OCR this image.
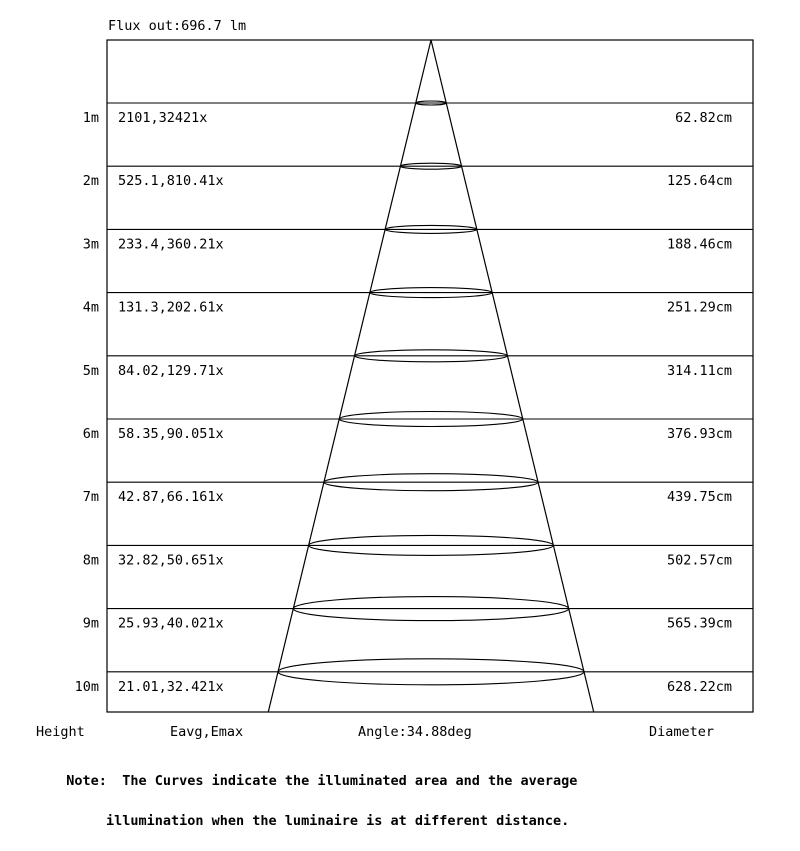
Flux out:696.7 lm
1m 2101,32421x	62.82cm
2m 525.1,810.41x	125.64cm
3m 233.4,360.21x	188.46cm
4m 131.3,202.61x	251.29cm
5m 84.02,129.71x	314.11cm
6m 58.35,90.051x	376.93cm
7m 42.87,66.161x	439.75cm
8m 32.82,50.651x	502.57cm
9m 25.93,40.021x	565.39cm
10m 21.01,32.421x	628.22cm
Height	Eavg,Emax	Angle:34.88deg	Diameter

Note: The Curves indicate the illuminated area and the average

illumination when the luminaire is at different distance.
